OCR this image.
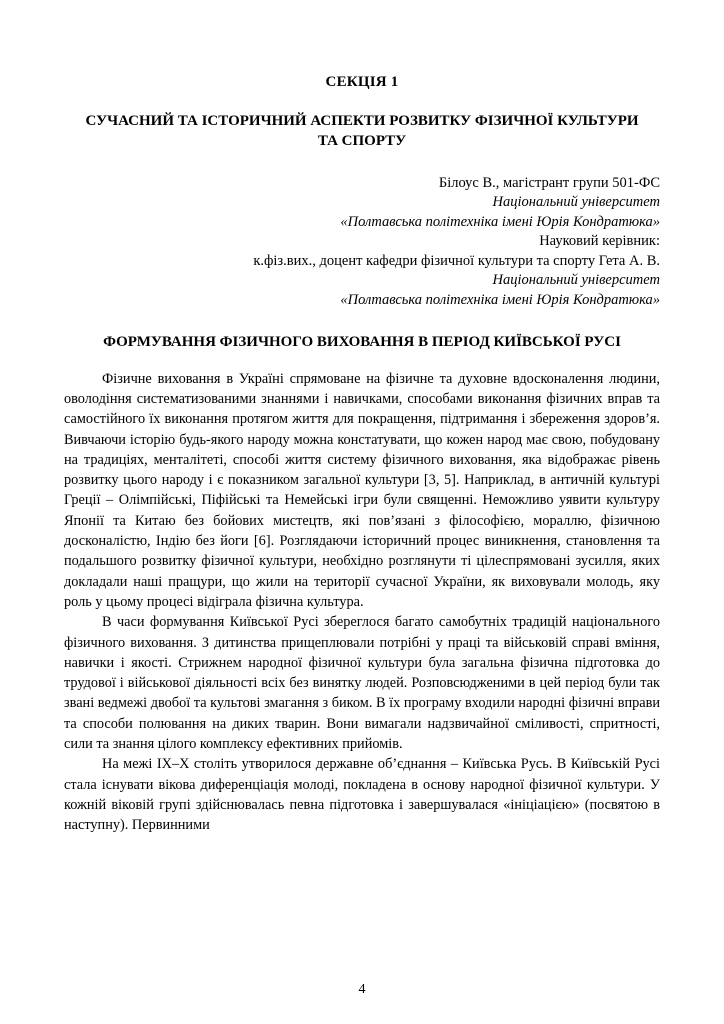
СЕКЦІЯ 1
СУЧАСНИЙ ТА ІСТОРИЧНИЙ АСПЕКТИ РОЗВИТКУ ФІЗИЧНОЇ КУЛЬТУРИ ТА СПОРТУ
Білоус В., магістрант групи 501-ФС
Національний університет
«Полтавська політехніка імені Юрія Кондратюка»
Науковий керівник:
к.фіз.вих., доцент кафедри фізичної культури та спорту Гета А. В.
Національний університет
«Полтавська політехніка імені Юрія Кондратюка»
ФОРМУВАННЯ ФІЗИЧНОГО ВИХОВАННЯ В ПЕРІОД КИЇВСЬКОЇ РУСІ

Фізичне виховання в Україні спрямоване на фізичне та духовне вдосконалення людини, оволодіння систематизованими знаннями і навичками, способами виконання фізичних вправ та самостійного їх виконання протягом життя для покращення, підтримання і збереження здоров’я. Вивчаючи історію будь-якого народу можна констатувати, що кожен народ має свою, побудовану на традиціях, менталітеті, способі життя систему фізичного виховання, яка відображає рівень розвитку цього народу і є показником загальної культури [3, 5]. Наприклад, в античній культурі Греції – Олімпійські, Піфійські та Немейські ігри були священні. Неможливо уявити культуру Японії та Китаю без бойових мистецтв, які пов’язані з філософією, мораллю, фізичною досконалістю, Індію без йоги [6]. Розглядаючи історичний процес виникнення, становлення та подальшого розвитку фізичної культури, необхідно розглянути ті цілеспрямовані зусилля, яких докладали наші пращури, що жили на території сучасної України, як виховували молодь, яку роль у цьому процесі відіграла фізична культура.

В часи формування Київської Русі збереглося багато самобутніх традицій національного фізичного виховання. З дитинства прищеплювали потрібні у праці та військовій справі вміння, навички і якості. Стрижнем народної фізичної культури була загальна фізична підготовка до трудової і військової діяльності всіх без винятку людей. Розповсюдженими в цей період були так звані ведмежі двобої та культові змагання з биком. В їх програму входили народні фізичні вправи та способи полювання на диких тварин. Вони вимагали надзвичайної сміливості, спритності, сили та знання цілого комплексу ефективних прийомів.

На межі IX–X століть утворилося державне об’єднання – Київська Русь. В Київській Русі стала існувати вікова диференціація молоді, покладена в основу народної фізичної культури. У кожній віковій групі здійснювалась певна підготовка і завершувалася «ініціацією» (посвятою в наступну). Первинними

4
